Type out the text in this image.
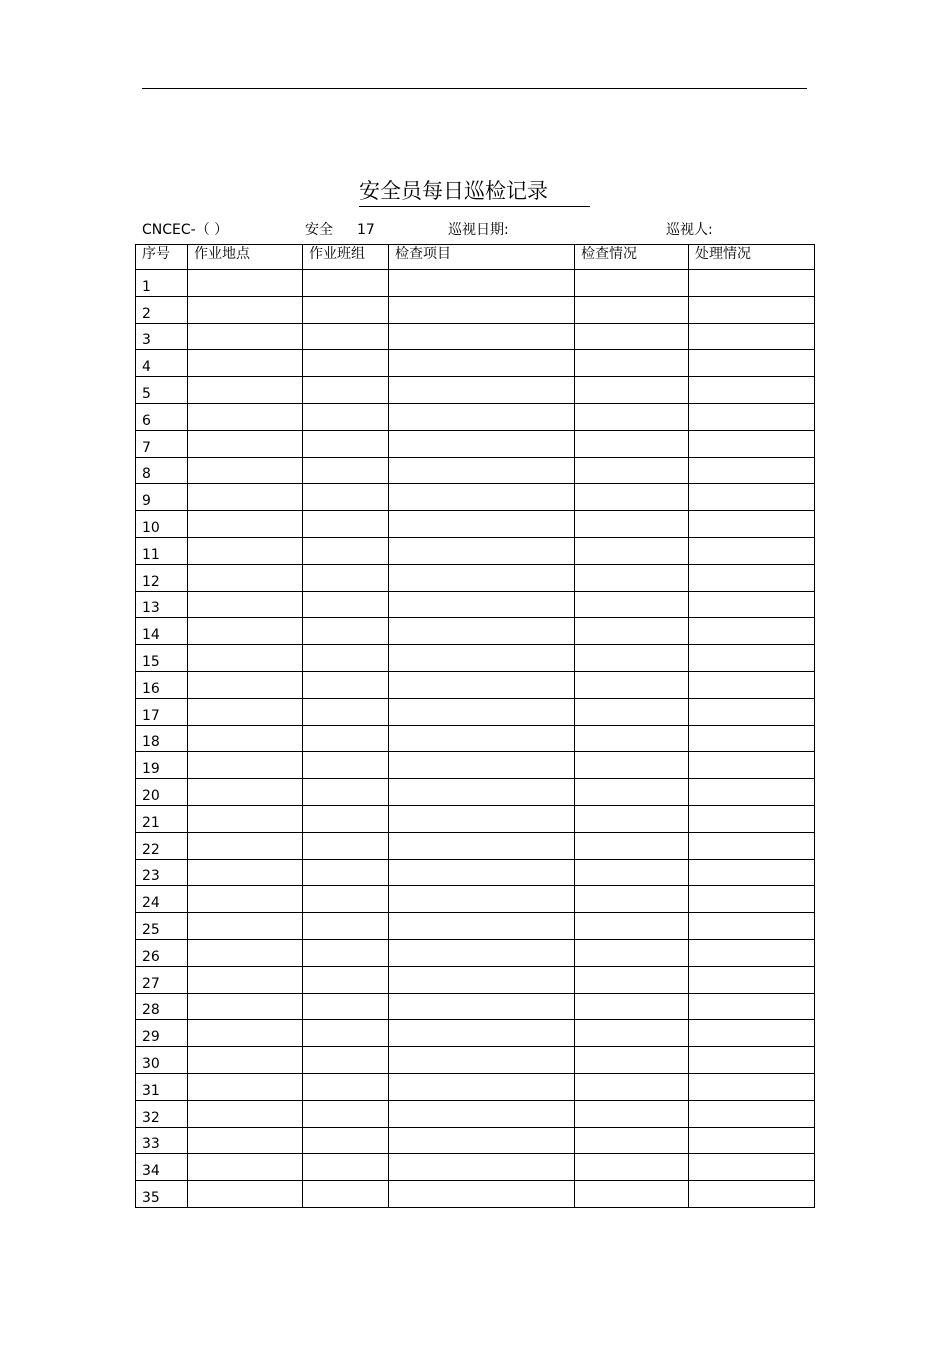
安全员每日巡检记录
CNCEC-（ ）	安全 17	巡视日期:	巡视人:
序号	作业地点	作业班组	检查项目	检查情况	处理情况
1					
2					
3					
4					
5					
6					
7					
8					
9					
10					
11					
12					
13					
14					
15					
16					
17					
18					
19					
20					
21					
22					
23					
24					
25					
26					
27					
28					
29					
30					
31					
32					
33					
34					
35					
